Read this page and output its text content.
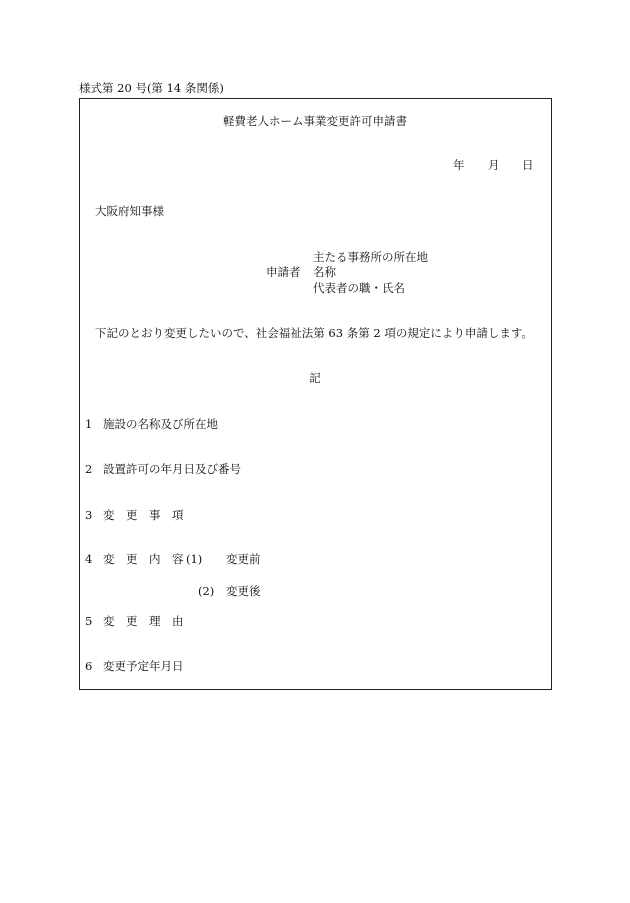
様式第 20 号(第 14 条関係)
軽費老人ホーム事業変更許可申請書
年 月 日
大阪府知事様
主たる事務所の所在地
申請者 名称
代表者の職・氏名
下記のとおり変更したいので、社会福祉法第 63 条第 2 項の規定により申請します。
記
1 施設の名称及び所在地
2 設置許可の年月日及び番号
3 変　更　事　項
4 変　更　内　容 (1) 変更前
(2) 変更後
5 変　更　理　由
6 変更予定年月日
